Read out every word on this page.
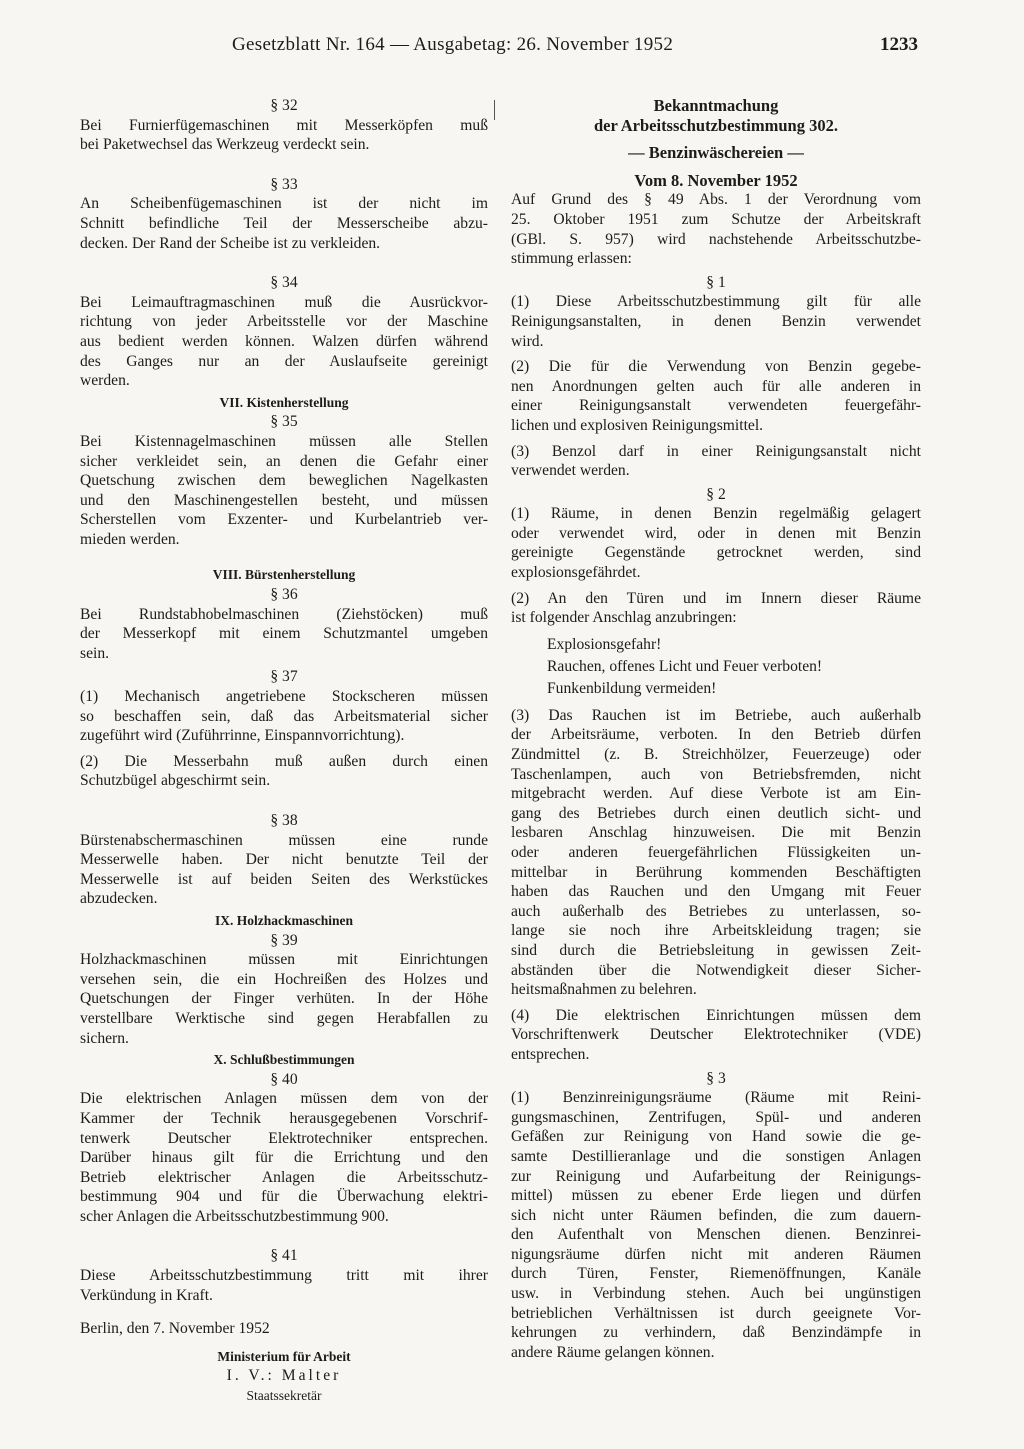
Gesetzblatt Nr. 164 — Ausgabetag: 26. November 1952	1233

§ 32

Bei Furnierfügemaschinen mit Messerköpfen muß
bei Paketwechsel das Werkzeug verdeckt sein.

§ 33

An Scheibenfügemaschinen ist der nicht im
Schnitt befindliche Teil der Messerscheibe abzu-
decken. Der Rand der Scheibe ist zu verkleiden.

§ 34

Bei Leimauftragmaschinen muß die Ausrückvor-
richtung von jeder Arbeitsstelle vor der Maschine
aus bedient werden können. Walzen dürfen während
des Ganges nur an der Auslaufseite gereinigt
werden.

VII. Kistenherstellung

§ 35

Bei Kistennagelmaschinen müssen alle Stellen
sicher verkleidet sein, an denen die Gefahr einer
Quetschung zwischen dem beweglichen Nagelkasten
und den Maschinengestellen besteht, und müssen
Scherstellen vom Exzenter- und Kurbelantrieb ver-
mieden werden.

VIII. Bürstenherstellung

§ 36

Bei Rundstabhobelmaschinen (Ziehstöcken) muß
der Messerkopf mit einem Schutzmantel umgeben
sein.

§ 37

(1) Mechanisch angetriebene Stockscheren müssen
so beschaffen sein, daß das Arbeitsmaterial sicher
zugeführt wird (Zuführrinne, Einspannvorrichtung).
(2) Die Messerbahn muß außen durch einen
Schutzbügel abgeschirmt sein.

§ 38

Bürstenabschermaschinen müssen eine runde
Messerwelle haben. Der nicht benutzte Teil der
Messerwelle ist auf beiden Seiten des Werkstückes
abzudecken.

IX. Holzhackmaschinen

§ 39

Holzhackmaschinen müssen mit Einrichtungen
versehen sein, die ein Hochreißen des Holzes und
Quetschungen der Finger verhüten. In der Höhe
verstellbare Werktische sind gegen Herabfallen zu
sichern.

X. Schlußbestimmungen

§ 40

Die elektrischen Anlagen müssen dem von der
Kammer der Technik herausgegebenen Vorschrif-
tenwerk Deutscher Elektrotechniker entsprechen.
Darüber hinaus gilt für die Errichtung und den
Betrieb elektrischer Anlagen die Arbeitsschutz-
bestimmung 904 und für die Überwachung elektri-
scher Anlagen die Arbeitsschutzbestimmung 900.

§ 41

Diese Arbeitsschutzbestimmung tritt mit ihrer
Verkündung in Kraft.

Berlin, den 7. November 1952

Ministerium für Arbeit

I. V.: Malter

Staatssekretär

Bekanntmachung

der Arbeitsschutzbestimmung 302.

— Benzinwäschereien —

Vom 8. November 1952

Auf Grund des § 49 Abs. 1 der Verordnung vom
25. Oktober 1951 zum Schutze der Arbeitskraft
(GBl. S. 957) wird nachstehende Arbeitsschutzbe-
stimmung erlassen:

§ 1

(1) Diese Arbeitsschutzbestimmung gilt für alle
Reinigungsanstalten, in denen Benzin verwendet
wird.
(2) Die für die Verwendung von Benzin gegebe-
nen Anordnungen gelten auch für alle anderen in
einer Reinigungsanstalt verwendeten feuergefähr-
lichen und explosiven Reinigungsmittel.
(3) Benzol darf in einer Reinigungsanstalt nicht
verwendet werden.

§ 2

(1) Räume, in denen Benzin regelmäßig gelagert
oder verwendet wird, oder in denen mit Benzin
gereinigte Gegenstände getrocknet werden, sind
explosionsgefährdet.
(2) An den Türen und im Innern dieser Räume
ist folgender Anschlag anzubringen:
Explosionsgefahr!
Rauchen, offenes Licht und Feuer verboten!
Funkenbildung vermeiden!
(3) Das Rauchen ist im Betriebe, auch außerhalb
der Arbeitsräume, verboten. In den Betrieb dürfen
Zündmittel (z. B. Streichhölzer, Feuerzeuge) oder
Taschenlampen, auch von Betriebsfremden, nicht
mitgebracht werden. Auf diese Verbote ist am Ein-
gang des Betriebes durch einen deutlich sicht- und
lesbaren Anschlag hinzuweisen. Die mit Benzin
oder anderen feuergefährlichen Flüssigkeiten un-
mittelbar in Berührung kommenden Beschäftigten
haben das Rauchen und den Umgang mit Feuer
auch außerhalb des Betriebes zu unterlassen, so-
lange sie noch ihre Arbeitskleidung tragen; sie
sind durch die Betriebsleitung in gewissen Zeit-
abständen über die Notwendigkeit dieser Sicher-
heitsmaßnahmen zu belehren.
(4) Die elektrischen Einrichtungen müssen dem
Vorschriftenwerk Deutscher Elektrotechniker (VDE)
entsprechen.

§ 3

(1) Benzinreinigungsräume (Räume mit Reini-
gungsmaschinen, Zentrifugen, Spül- und anderen
Gefäßen zur Reinigung von Hand sowie die ge-
samte Destillieranlage und die sonstigen Anlagen
zur Reinigung und Aufarbeitung der Reinigungs-
mittel) müssen zu ebener Erde liegen und dürfen
sich nicht unter Räumen befinden, die zum dauern-
den Aufenthalt von Menschen dienen. Benzinrei-
nigungsräume dürfen nicht mit anderen Räumen
durch Türen, Fenster, Riemenöffnungen, Kanäle
usw. in Verbindung stehen. Auch bei ungünstigen
betrieblichen Verhältnissen ist durch geeignete Vor-
kehrungen zu verhindern, daß Benzindämpfe in
andere Räume gelangen können.
